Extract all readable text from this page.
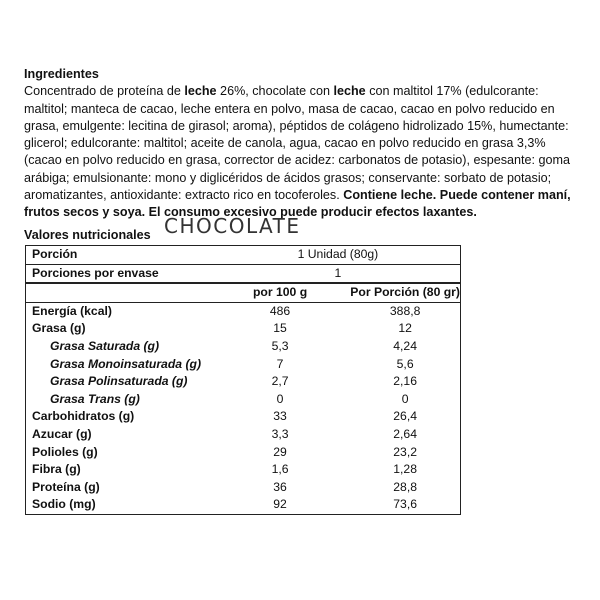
Ingredientes
Concentrado de proteína de leche 26%, chocolate con leche con maltitol 17% (edulcorante: maltitol; manteca de cacao, leche entera en polvo, masa de cacao, cacao en polvo reducido en grasa, emulgente: lecitina de girasol; aroma), péptidos de colágeno hidrolizado 15%, humectante: glicerol; edulcorante: maltitol; aceite de canola, agua, cacao en polvo reducido en grasa 3,3% (cacao en polvo reducido en grasa, corrector de acidez: carbonatos de potasio), espesante: goma arábiga; emulsionante: mono y diglicéridos de ácidos grasos; conservante: sorbato de potasio; aromatizantes, antioxidante: extracto rico en tocoferoles. Contiene leche. Puede contener maní, frutos secos y soya. El consumo excesivo puede producir efectos laxantes.
Valores nutricionales CHOCOLATE
Porción	1 Unidad (80g)	
Porciones por envase	1	
	por 100 g	Por Porción (80 gr)
Energía (kcal)	486	388,8
Grasa (g)	15	12
Grasa Saturada (g)	5,3	4,24
Grasa Monoinsaturada (g)	7	5,6
Grasa Polinsaturada (g)	2,7	2,16
Grasa Trans (g)	0	0
Carbohidratos (g)	33	26,4
Azucar (g)	3,3	2,64
Polioles (g)	29	23,2
Fibra (g)	1,6	1,28
Proteína (g)	36	28,8
Sodio (mg)	92	73,6
